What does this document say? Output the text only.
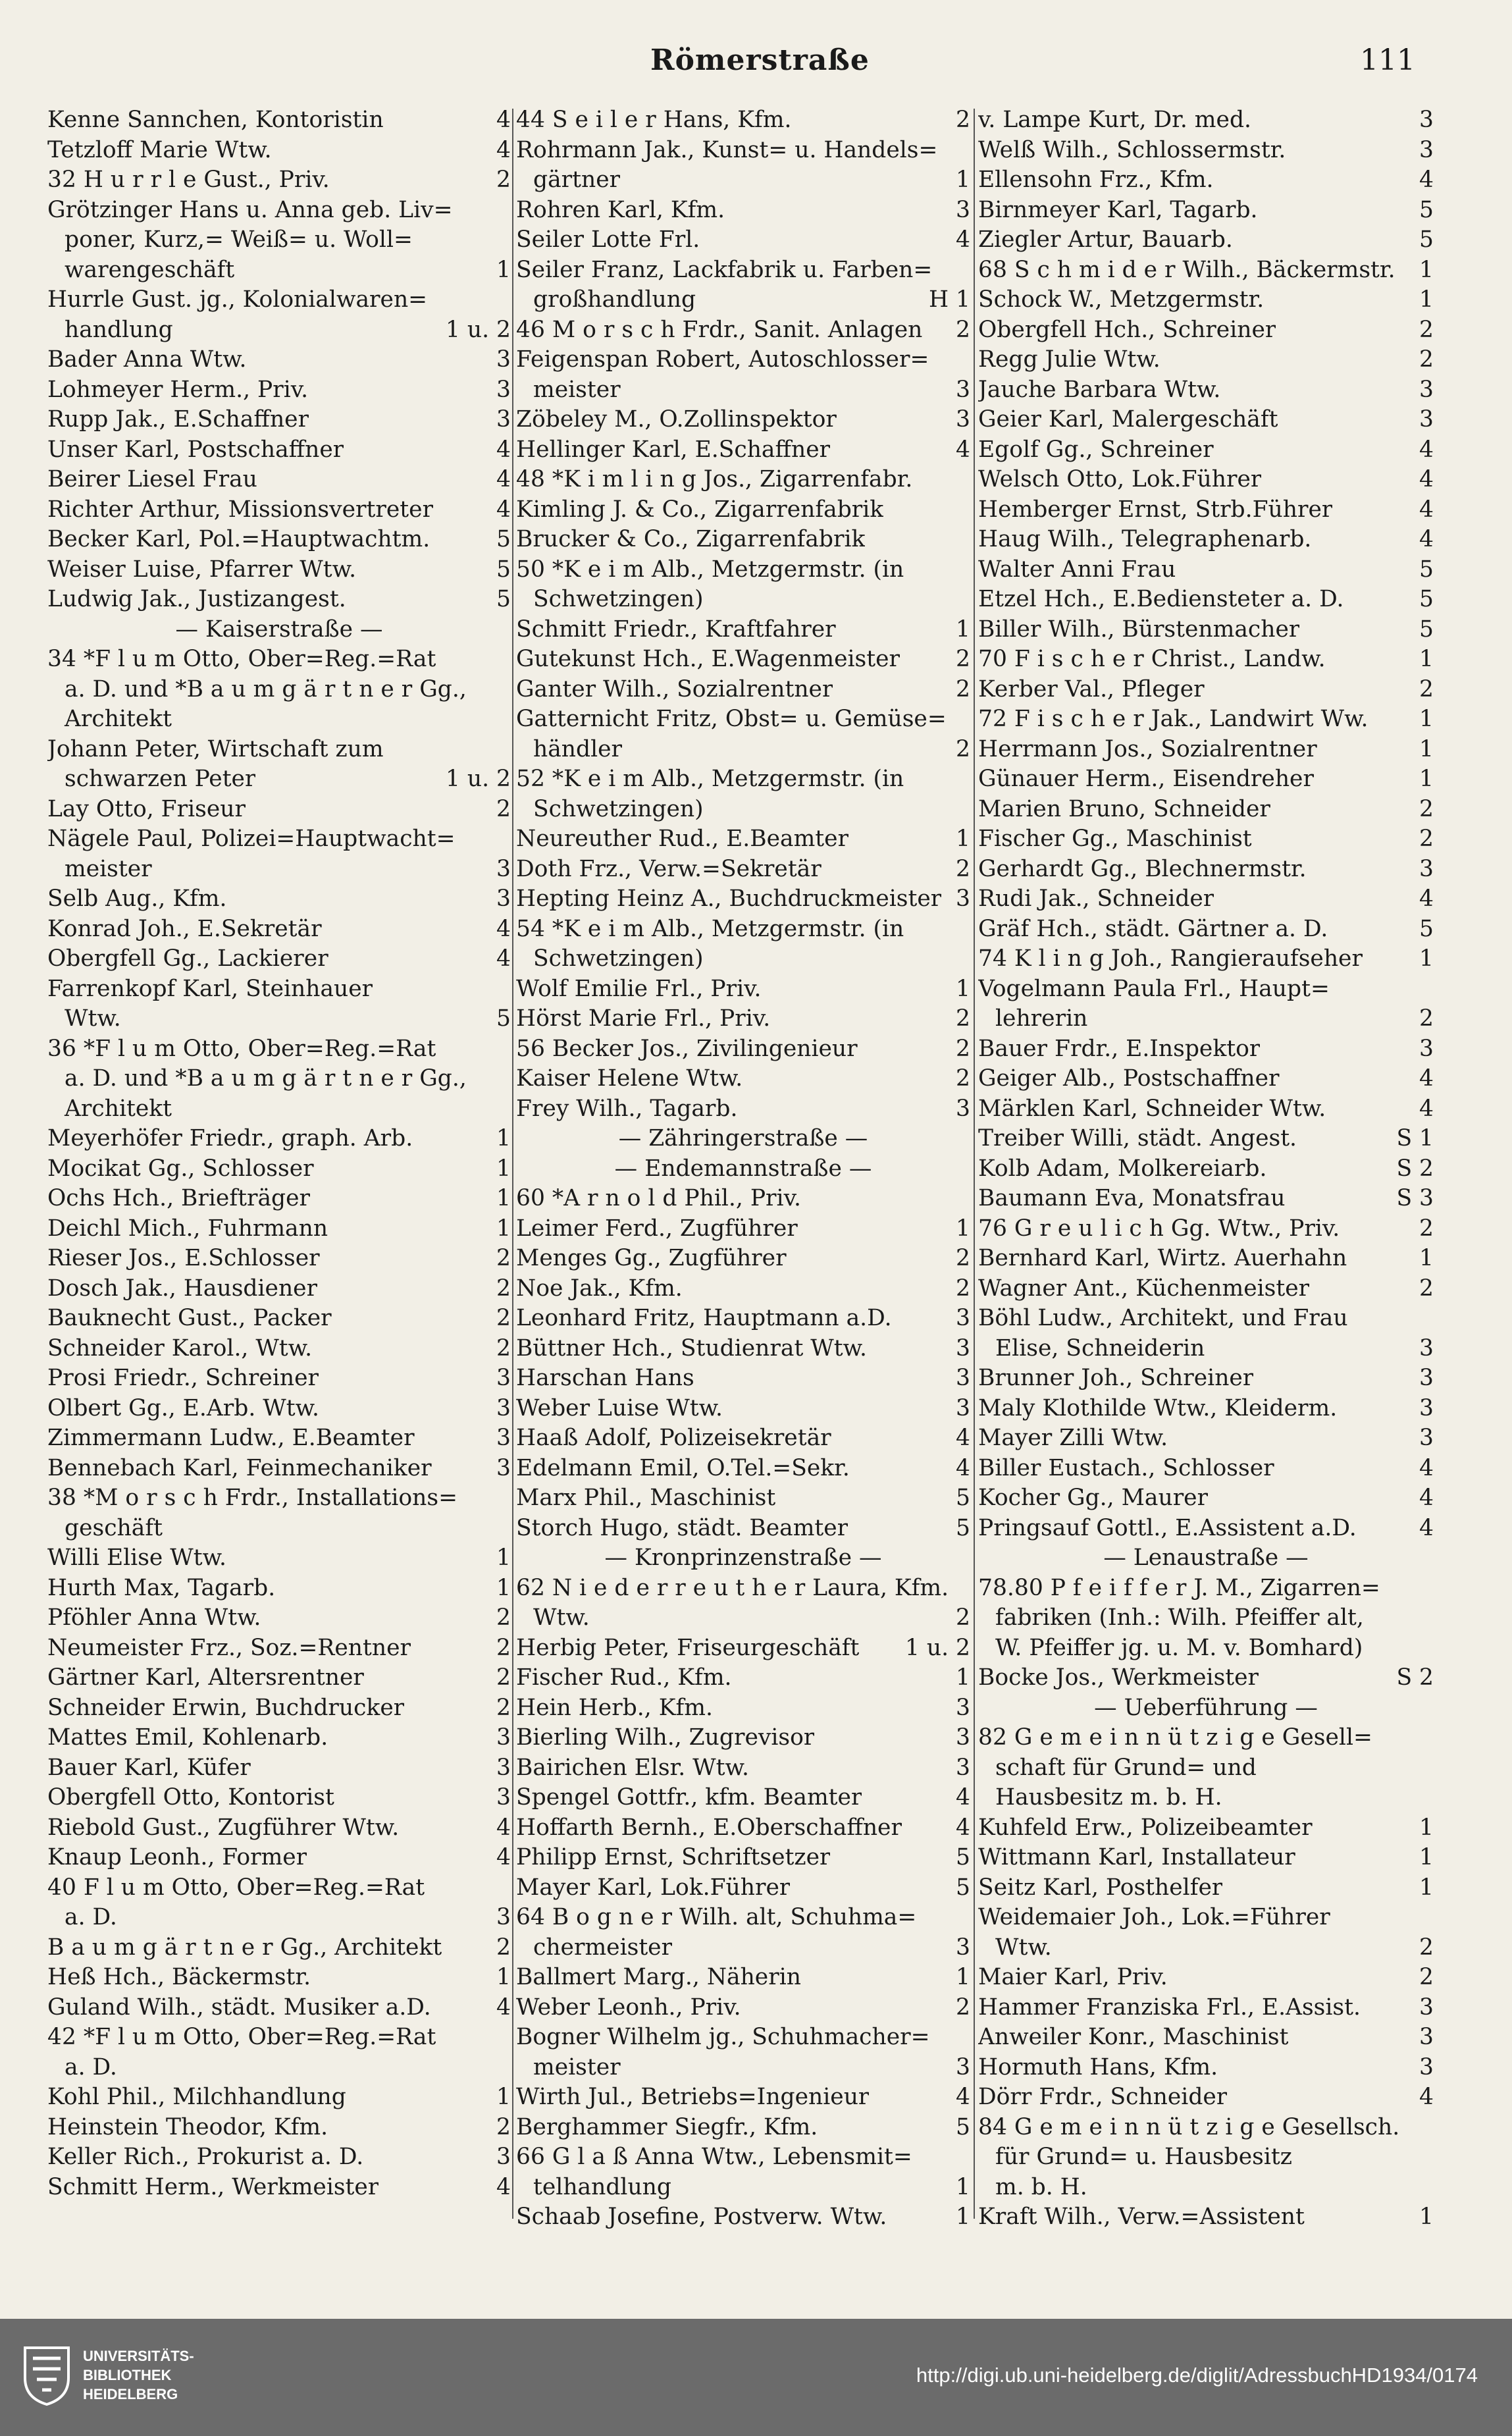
Römerstraße	111
Kenne Sannchen, Kontoristin	4
Tetzloff Marie Wtw.	4
32 H u r r l e Gust., Priv.	2
Grötzinger Hans u. Anna geb. Liv=
poner, Kurz,= Weiß= u. Woll=
warengeschäft	1
Hurrle Gust. jg., Kolonialwaren=
handlung	1 u. 2
Bader Anna Wtw.	3
Lohmeyer Herm., Priv.	3
Rupp Jak., E.Schaffner	3
Unser Karl, Postschaffner	4
Beirer Liesel Frau	4
Richter Arthur, Missionsvertreter	4
Becker Karl, Pol.=Hauptwachtm.	5
Weiser Luise, Pfarrer Wtw.	5
Ludwig Jak., Justizangest.	5
— Kaiserstraße —
34 *F l u m Otto, Ober=Reg.=Rat
a. D. und *B a u m g ä r t n e r Gg.,
Architekt
Johann Peter, Wirtschaft zum
schwarzen Peter	1 u. 2
Lay Otto, Friseur	2
Nägele Paul, Polizei=Hauptwacht=
meister	3
Selb Aug., Kfm.	3
Konrad Joh., E.Sekretär	4
Obergfell Gg., Lackierer	4
Farrenkopf Karl, Steinhauer
Wtw.	5
36 *F l u m Otto, Ober=Reg.=Rat
a. D. und *B a u m g ä r t n e r Gg.,
Architekt
Meyerhöfer Friedr., graph. Arb.	1
Mocikat Gg., Schlosser	1
Ochs Hch., Briefträger	1
Deichl Mich., Fuhrmann	1
Rieser Jos., E.Schlosser	2
Dosch Jak., Hausdiener	2
Bauknecht Gust., Packer	2
Schneider Karol., Wtw.	2
Prosi Friedr., Schreiner	3
Olbert Gg., E.Arb. Wtw.	3
Zimmermann Ludw., E.Beamter	3
Bennebach Karl, Feinmechaniker	3
38 *M o r s c h Frdr., Installations=
geschäft
Willi Elise Wtw.	1
Hurth Max, Tagarb.	1
Pföhler Anna Wtw.	2
Neumeister Frz., Soz.=Rentner	2
Gärtner Karl, Altersrentner	2
Schneider Erwin, Buchdrucker	2
Mattes Emil, Kohlenarb.	3
Bauer Karl, Küfer	3
Obergfell Otto, Kontorist	3
Riebold Gust., Zugführer Wtw.	4
Knaup Leonh., Former	4
40 F l u m Otto, Ober=Reg.=Rat
a. D.	3
B a u m g ä r t n e r Gg., Architekt 2
Heß Hch., Bäckermstr.	1
Guland Wilh., städt. Musiker a.D.	4
42 *F l u m Otto, Ober=Reg.=Rat
a. D.
Kohl Phil., Milchhandlung	1
Heinstein Theodor, Kfm.	2
Keller Rich., Prokurist a. D.	3
Schmitt Herm., Werkmeister	4
44 S e i l e r Hans, Kfm.	2
Rohrmann Jak., Kunst= u. Handels=
gärtner	1
Rohren Karl, Kfm.	3
Seiler Lotte Frl.	4
Seiler Franz, Lackfabrik u. Farben=
großhandlung	H 1
46 M o r s c h Frdr., Sanit. Anlagen 2
Feigenspan Robert, Autoschlosser=
meister	3
Zöbeley M., O.Zollinspektor	3
Hellinger Karl, E.Schaffner	4
48 *K i m l i n g Jos., Zigarrenfabr.
Kimling J. & Co., Zigarrenfabrik
Brucker & Co., Zigarrenfabrik
50 *K e i m Alb., Metzgermstr. (in
Schwetzingen)
Schmitt Friedr., Kraftfahrer	1
Gutekunst Hch., E.Wagenmeister 2
Ganter Wilh., Sozialrentner	2
Gatternicht Fritz, Obst= u. Gemüse=
händler	2
52 *K e i m Alb., Metzgermstr. (in
Schwetzingen)
Neureuther Rud., E.Beamter	1
Doth Frz., Verw.=Sekretär	2
Hepting Heinz A., Buchdruckmeister 3
54 *K e i m Alb., Metzgermstr. (in
Schwetzingen)
Wolf Emilie Frl., Priv.	1
Hörst Marie Frl., Priv.	2
56 Becker Jos., Zivilingenieur	2
Kaiser Helene Wtw.	2
Frey Wilh., Tagarb.	3
— Zähringerstraße —
— Endemannstraße —
60 *A r n o l d Phil., Priv.
Leimer Ferd., Zugführer	1
Menges Gg., Zugführer	2
Noe Jak., Kfm.	2
Leonhard Fritz, Hauptmann a.D.	3
Büttner Hch., Studienrat Wtw.	3
Harschan Hans	3
Weber Luise Wtw.	3
Haaß Adolf, Polizeisekretär	4
Edelmann Emil, O.Tel.=Sekr.	4
Marx Phil., Maschinist	5
Storch Hugo, städt. Beamter	5
— Kronprinzenstraße —
62 N i e d e r r e u t h e r Laura, Kfm.
Wtw.	2
Herbig Peter, Friseurgeschäft 1 u. 2
Fischer Rud., Kfm.	1
Hein Herb., Kfm.	3
Bierling Wilh., Zugrevisor	3
Bairichen Elsr. Wtw.	3
Spengel Gottfr., kfm. Beamter	4
Hoffarth Bernh., E.Oberschaffner 4
Philipp Ernst, Schriftsetzer	5
Mayer Karl, Lok.Führer	5
64 B o g n e r Wilh. alt, Schuhma=
chermeister	3
Ballmert Marg., Näherin	1
Weber Leonh., Priv.	2
Bogner Wilhelm jg., Schuhmacher=
meister	3
Wirth Jul., Betriebs=Ingenieur	4
Berghammer Siegfr., Kfm.	5
66 G l a ß Anna Wtw., Lebensmit=
telhandlung	1
Schaab Josefine, Postverw. Wtw.	1
v. Lampe Kurt, Dr. med.	3
Welß Wilh., Schlossermstr.	3
Ellensohn Frz., Kfm.	4
Birnmeyer Karl, Tagarb.	5
Ziegler Artur, Bauarb.	5
68 S c h m i d e r Wilh., Bäckermstr. 1
Schock W., Metzgermstr.	1
Obergfell Hch., Schreiner	2
Regg Julie Wtw.	2
Jauche Barbara Wtw.	3
Geier Karl, Malergeschäft	3
Egolf Gg., Schreiner	4
Welsch Otto, Lok.Führer	4
Hemberger Ernst, Strb.Führer	4
Haug Wilh., Telegraphenarb.	4
Walter Anni Frau	5
Etzel Hch., E.Bediensteter a. D.	5
Biller Wilh., Bürstenmacher	5
70 F i s c h e r Christ., Landw.	1
Kerber Val., Pfleger	2
72 F i s c h e r Jak., Landwirt Ww. 1
Herrmann Jos., Sozialrentner	1
Günauer Herm., Eisendreher	1
Marien Bruno, Schneider	2
Fischer Gg., Maschinist	2
Gerhardt Gg., Blechnermstr.	3
Rudi Jak., Schneider	4
Gräf Hch., städt. Gärtner a. D.	5
74 K l i n g Joh., Rangieraufseher 1
Vogelmann Paula Frl., Haupt=
lehrerin	2
Bauer Frdr., E.Inspektor	3
Geiger Alb., Postschaffner	4
Märklen Karl, Schneider Wtw.	4
Treiber Willi, städt. Angest.	S 1
Kolb Adam, Molkereiarb.	S 2
Baumann Eva, Monatsfrau	S 3
76 G r e u l i c h Gg. Wtw., Priv.	2
Bernhard Karl, Wirtz. Auerhahn	1
Wagner Ant., Küchenmeister	2
Böhl Ludw., Architekt, und Frau
Elise, Schneiderin	3
Brunner Joh., Schreiner	3
Maly Klothilde Wtw., Kleiderm.	3
Mayer Zilli Wtw.	3
Biller Eustach., Schlosser	4
Kocher Gg., Maurer	4
Pringsauf Gottl., E.Assistent a.D.	4
— Lenaustraße —
78.80 P f e i f f e r J. M., Zigarren=
fabriken (Inh.: Wilh. Pfeiffer alt,
W. Pfeiffer jg. u. M. v. Bomhard)
Bocke Jos., Werkmeister	S 2
— Ueberführung —
82 G e m e i n n ü t z i g e Gesell=
schaft für Grund= und
Hausbesitz m. b. H.
Kuhfeld Erw., Polizeibeamter	1
Wittmann Karl, Installateur	1
Seitz Karl, Posthelfer	1
Weidemaier Joh., Lok.=Führer
Wtw.	2
Maier Karl, Priv.	2
Hammer Franziska Frl., E.Assist.	3
Anweiler Konr., Maschinist	3
Hormuth Hans, Kfm.	3
Dörr Frdr., Schneider	4
84 G e m e i n n ü t z i g e Gesellsch.
für Grund= u. Hausbesitz
m. b. H.
Kraft Wilh., Verw.=Assistent	1
UNIVERSITÄTS-
BIBLIOTHEK
HEIDELBERG
http://digi.ub.uni-heidelberg.de/diglit/AdressbuchHD1934/0174
